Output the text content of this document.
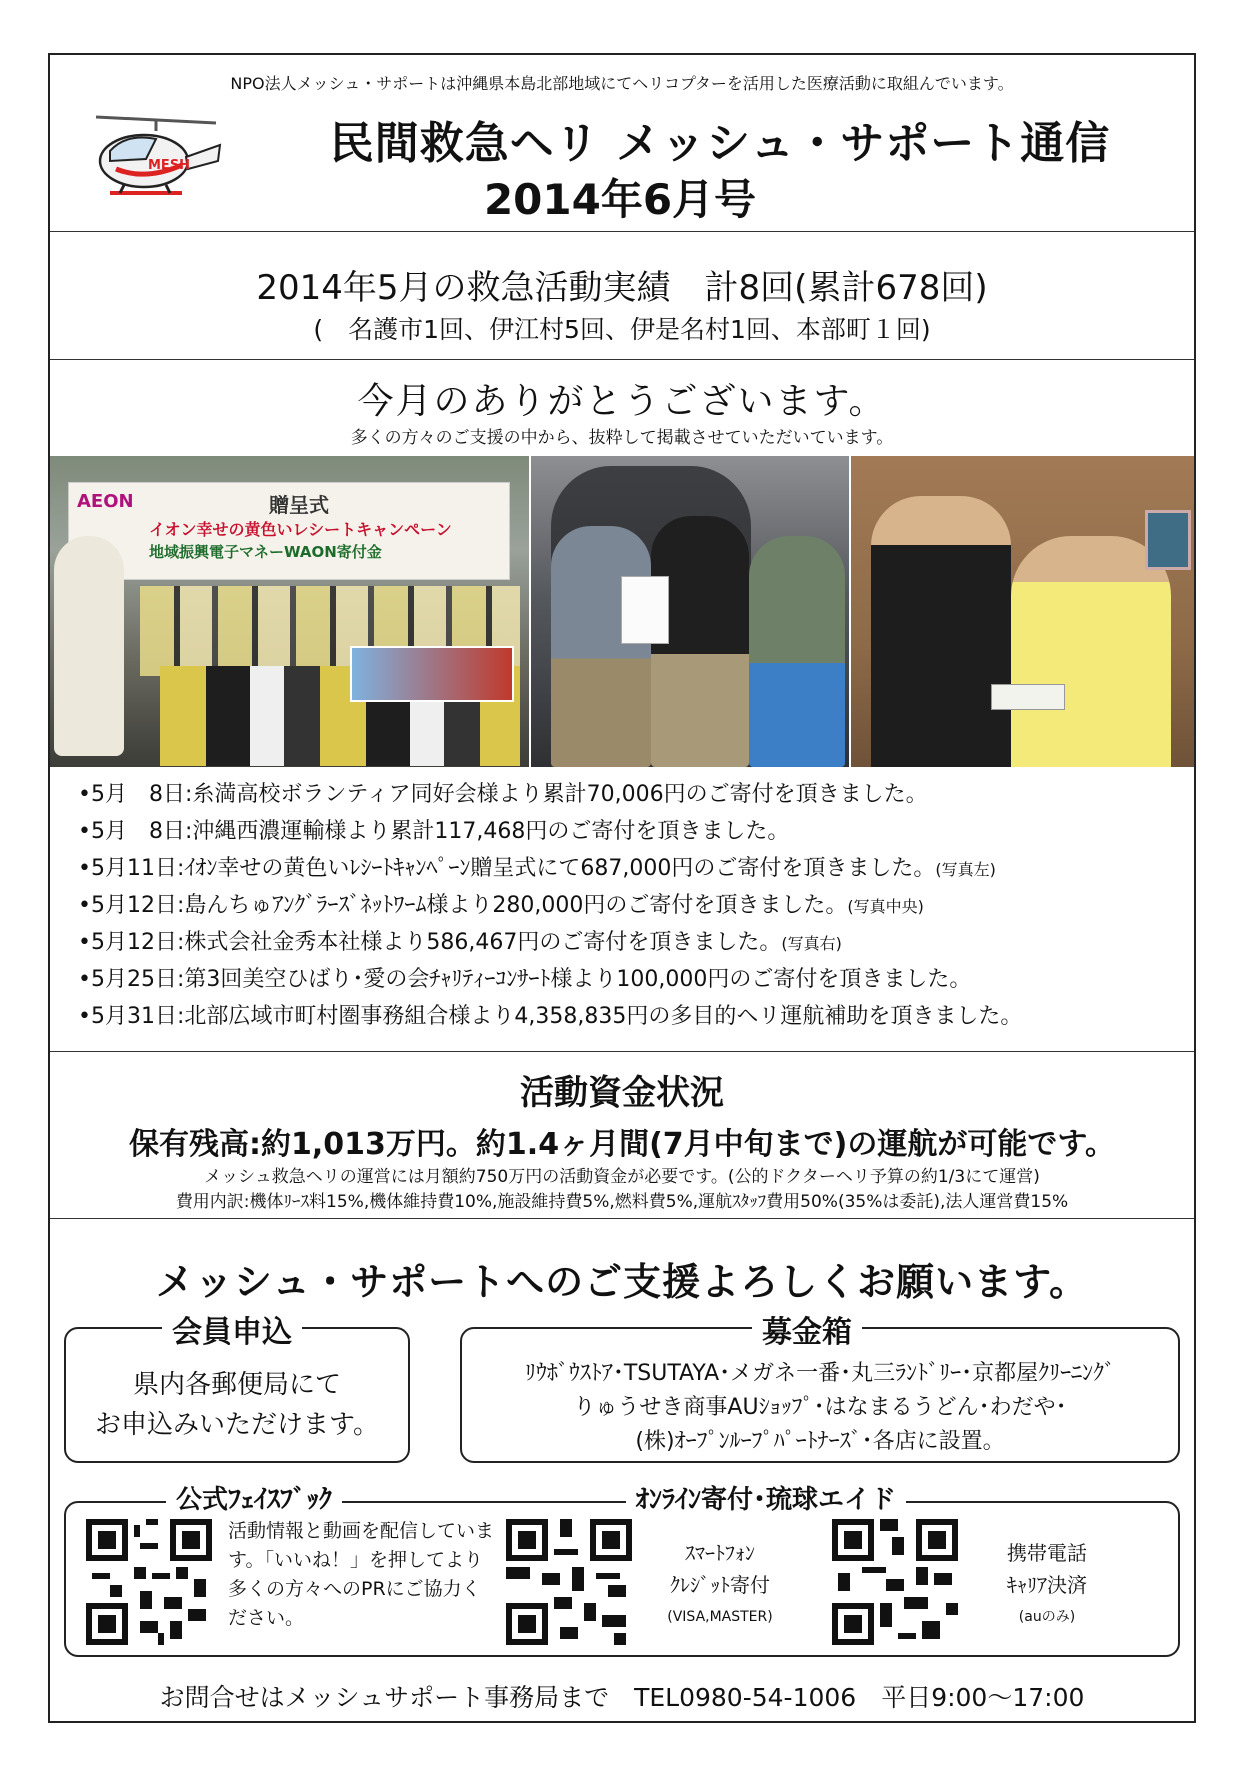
NPO法人メッシュ・サポートは沖縄県本島北部地域にてヘリコプターを活用した医療活動に取組んでいます。
MESH	民間救急ヘリ メッシュ・サポート通信
2014年6月号
2014年5月の救急活動実績　計8回(累計678回)
(　名護市1回、伊江村5回、伊是名村1回、本部町１回)
今月のありがとうございます。
多くの方々のご支援の中から、抜粋して掲載させていただいています。
AEON	贈呈式
イオン幸せの黄色いレシートキャンペーン
地域振興電子マネーWAON寄付金
•5月　8日:糸満高校ボランティア同好会様より累計70,006円のご寄付を頂きました。
•5月　8日:沖縄西濃運輸様より累計117,468円のご寄付を頂きました。
•5月11日:ｲｵﾝ幸せの黄色いﾚｼｰﾄｷｬﾝﾍﾟｰﾝ贈呈式にて687,000円のご寄付を頂きました。(写真左)
•5月12日:島んちゅｱﾝｸﾞﾗｰｽﾞﾈｯﾄﾜｰﾑ様より280,000円のご寄付を頂きました。(写真中央)
•5月12日:株式会社金秀本社様より586,467円のご寄付を頂きました。(写真右)
•5月25日:第3回美空ひばり･愛の会ﾁｬﾘﾃｨｰｺﾝｻｰﾄ様より100,000円のご寄付を頂きました。
•5月31日:北部広域市町村圏事務組合様より4,358,835円の多目的ヘリ運航補助を頂きました。
活動資金状況
保有残高:約1,013万円。約1.4ヶ月間(7月中旬まで)の運航が可能です。
メッシュ救急ヘリの運営には月額約750万円の活動資金が必要です。(公的ドクターヘリ予算の約1/3にて運営)
費用内訳:機体ﾘｰｽ料15%,機体維持費10%,施設維持費5%,燃料費5%,運航ｽﾀｯﾌ費用50%(35%は委託),法人運営費15%
メッシュ・サポートへのご支援よろしくお願います。
会員申込
県内各郵便局にて
お申込みいただけます。
募金箱
ﾘｳﾎﾞｳｽﾄｱ･TSUTAYA･メガネ一番･丸三ﾗﾝﾄﾞﾘｰ･京都屋ｸﾘｰﾆﾝｸﾞ
りゅうせき商事AUｼｮｯﾌﾟ･はなまるうどん･わだや･
(株)ｵｰﾌﾟﾝﾙｰﾌﾟﾊﾟｰﾄﾅｰｽﾞ･各店に設置。
公式ﾌｪｲｽﾌﾞｯｸ	ｵﾝﾗｲﾝ寄付･琉球エイド
活動情報と動画を配信しています。「いいね！」を押してより多くの方々へのPRにご協力ください。
ｽﾏｰﾄﾌｫﾝ
ｸﾚｼﾞｯﾄ寄付
(VISA,MASTER)
携帯電話
ｷｬﾘｱ決済
(auのみ)
お問合せはメッシュサポート事務局まで　TEL0980-54-1006　平日9:00～17:00
